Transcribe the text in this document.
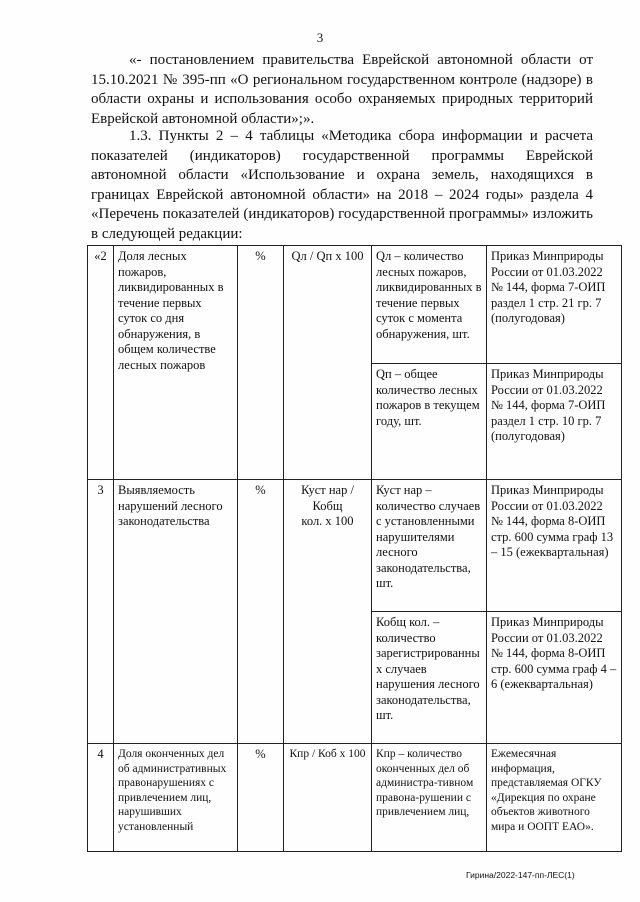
3
«- постановлением правительства Еврейской автономной области от 15.10.2021 № 395-пп «О региональном государственном контроле (надзоре) в области охраны и использования особо охраняемых природных территорий Еврейской автономной области»;».
1.3. Пункты 2 – 4 таблицы «Методика сбора информации и расчета показателей (индикаторов) государственной программы Еврейской автономной области «Использование и охрана земель, находящихся в границах Еврейской автономной области» на 2018 – 2024 годы» раздела 4 «Перечень показателей (индикаторов) государственной программы» изложить в следующей редакции:
«2	Доля лесных пожаров, ликвидированных в течение первых суток со дня обнаружения, в общем количестве лесных пожаров	%	Qл / Qп х 100	Qл – количество лесных пожаров, ликвидированных в течение первых суток с момента обнаружения, шт.	Приказ Минприроды России от 01.03.2022 № 144, форма 7-ОИП раздел 1 стр. 21 гр. 7 (полугодовая)
				Qп – общее количество лесных пожаров в текущем году, шт.	Приказ Минприроды России от 01.03.2022 № 144, форма 7-ОИП раздел 1 стр. 10 гр. 7 (полугодовая)
3	Выявляемость нарушений лесного законодательства	%	Куст нар / Кобщ
кол. х 100	Куст нар – количество случаев с установленными нарушителями лесного законодательства, шт.	Приказ Минприроды России от 01.03.2022 № 144, форма 8-ОИП стр. 600 сумма граф 13 – 15 (ежеквартальная)
				Кобщ кол. – количество зарегистрированны х случаев нарушения лесного законодательства, шт.	Приказ Минприроды России от 01.03.2022 № 144, форма 8-ОИП стр. 600 сумма граф 4 – 6 (ежеквартальная)
4	Доля оконченных дел об административных правонарушениях с привлечением лиц, нарушивших установленный	%	Кпр / Коб х 100	Кпр – количество оконченных дел об администра-тивном правона-рушении с привлечением лиц,	Ежемесячная информация, представляемая ОГКУ «Дирекция по охране объектов животного мира и ООПТ ЕАО».
Гирина/2022-147-пп-ЛЕС(1)
